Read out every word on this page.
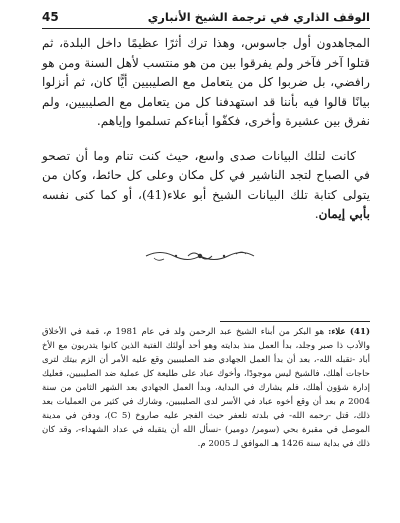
45	الوقف الذاري في ترجمة الشيخ الأنباري

المجاهدون أول جاسوس، وهذا ترك أثرًا عظيمًا داخل البلدة، ثم قتلوا آخر فآخر ولم يفرقوا بين من هو منتسب لأهل السنة ومن هو رافضي، بل ضربوا كل من يتعامل مع الصليبيين أيًّا كان، ثم أنزلوا بيانًا قالوا فيه بأننا قد استهدفنا كل من يتعامل مع الصليبيين، ولم نفرق بين عشيرة وأخرى، فكفّوا أبناءكم تسلموا وإياهم.

كانت لتلك البيانات صدى واسع، حيث كنت تنام وما أن تصحو في الصباح لتجد الناشير في كل مكان وعلى كل حائط، وكان من يتولى كتابة تلك البيانات الشيخ أبو علاء(41)، أو كما كنى نفسه بأبي إيمان.

(41) علاء: هو البكر من أبناء الشيخ عبد الرحمن ولد في عام 1981 م، قمة في الأخلاق والأدب ذا صبر وجلد، بدأ العمل منذ بدايته وهو أحد أولئك الفتية الذين كانوا يتدربون مع الأخ أباد -تقبله الله-، بعد أن بدأ العمل الجهادي ضد الصليبيين وقع عليه الأمر أن الزم بيتك لترى حاجات أهلك، فالشيخ ليس موجودًا، وأخوك عباد على طليعة كل عملية ضد الصليبيين، فعليك إدارة شؤون أهلك، فلم يشارك في البداية، وبدأ العمل الجهادي بعد الشهر الثامن من سنة 2004 م بعد أن وقع أخوه عباد في الأسر لدى الصليبيين، وشارك في كثير من العمليات بعد ذلك، قتل -رحمه الله- في بلدته تلعفر حيث الفجر عليه صاروخ (C 5)، ودفن في مدينة الموصل في مقبرة بحي (سومر/ دومير) -نسأل الله أن يتقبله في عداد الشهداء-، وقد كان ذلك في بداية سنة 1426 هـ الموافق لـ 2005 م.
